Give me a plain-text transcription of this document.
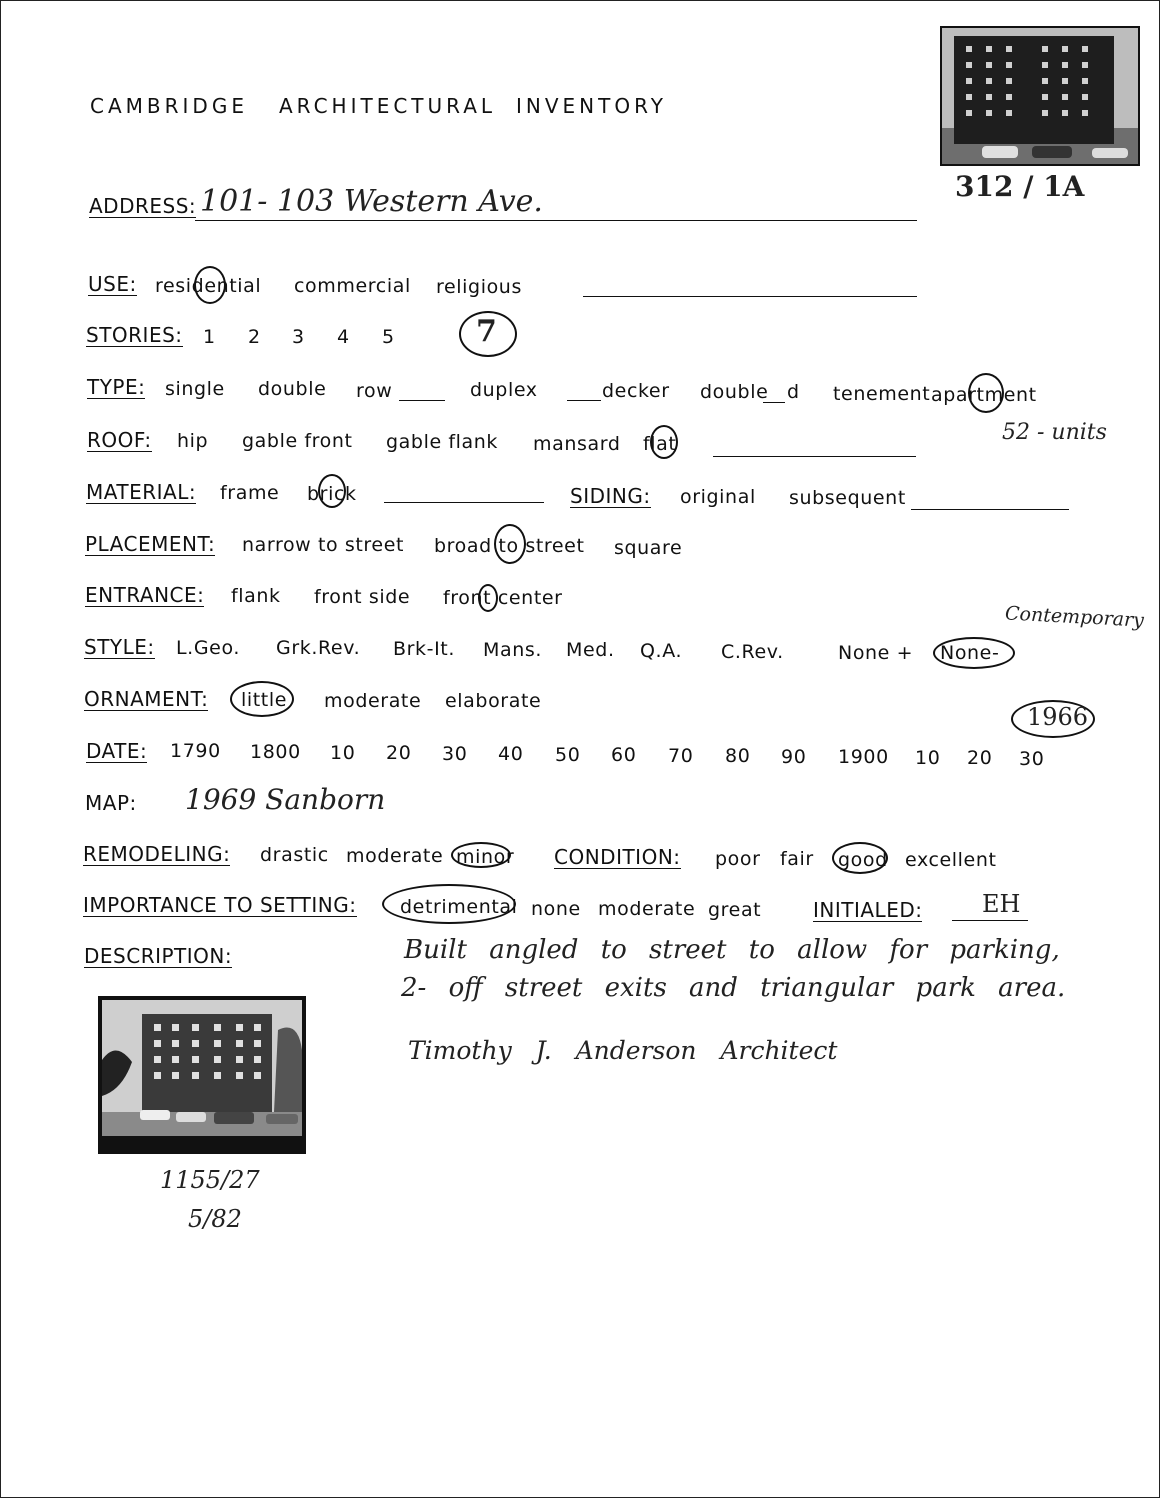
CAMBRIDGE ARCHITECTURAL INVENTORY
312 / 1A
ADDRESS: 101- 103 Western Ave.
USE: residential commercial religious
STORIES: 1 2 3 4 5	7
TYPE: single double row	duplex	decker double d tenement apartment
52 - units
ROOF: hip gable front gable flank mansard flat
MATERIAL: frame brick	SIDING: original subsequent
PLACEMENT: narrow to street broad to street square
ENTRANCE: flank front side front center
Contemporary
STYLE: L.Geo. Grk.Rev. Brk-It. Mans. Med. Q.A. C.Rev.	None + None-
ORNAMENT: little moderate elaborate
1966
DATE: 1790 1800 10 20 30 40 50 60 70 80 90 1900 10 20 30
MAP: 1969 Sanborn
REMODELING: drastic moderate minor CONDITION: poor fair good excellent
IMPORTANCE TO SETTING: detrimental none moderate great	INITIALED: EH
DESCRIPTION:	Built angled to street to allow for parking,
2- off street exits and triangular park area.
Timothy J. Anderson Architect
1155/27
5/82
